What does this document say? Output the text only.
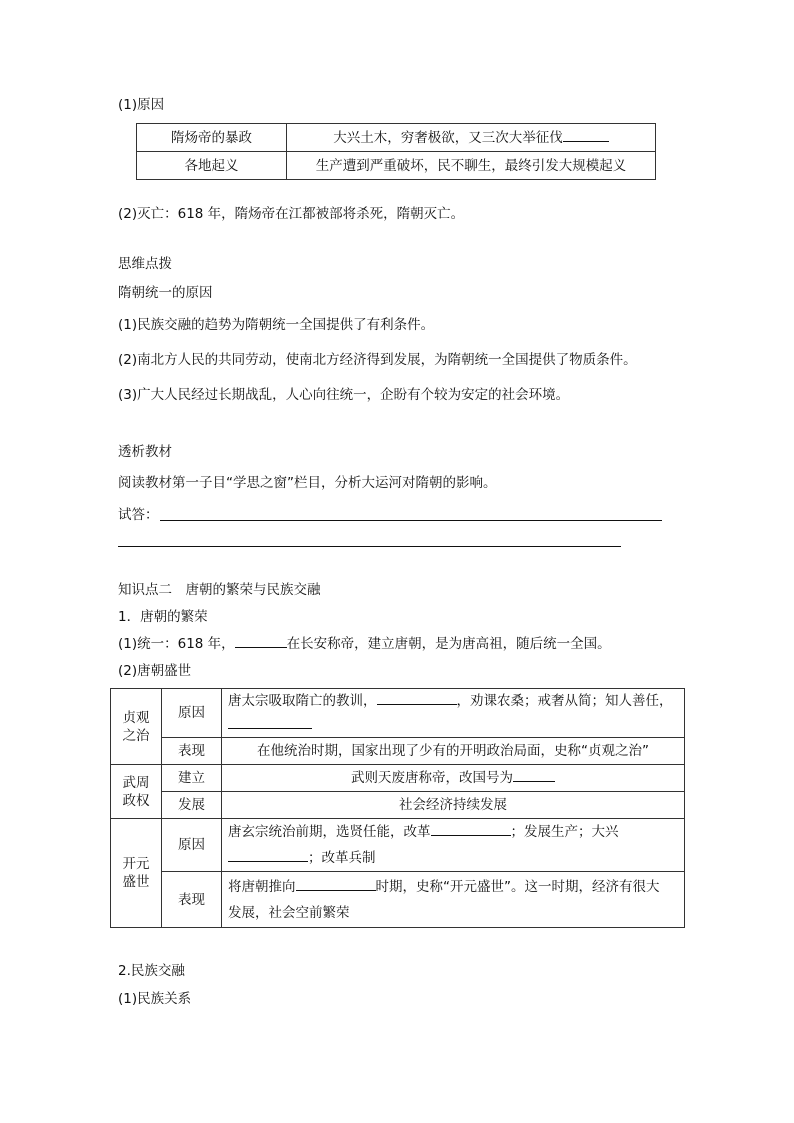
(1)原因
隋炀帝的暴政	大兴土木，穷奢极欲，又三次大举征伐
各地起义	生产遭到严重破坏，民不聊生，最终引发大规模起义
(2)灭亡：618 年，隋炀帝在江都被部将杀死，隋朝灭亡。
思维点拨
隋朝统一的原因
(1)民族交融的趋势为隋朝统一全国提供了有利条件。
(2)南北方人民的共同劳动，使南北方经济得到发展，为隋朝统一全国提供了物质条件。
(3)广大人民经过长期战乱，人心向往统一，企盼有个较为安定的社会环境。
透析教材
阅读教材第一子目“学思之窗”栏目，分析大运河对隋朝的影响。
试答：
知识点二　唐朝的繁荣与民族交融
1．唐朝的繁荣
(1)统一：618 年，	在长安称帝，建立唐朝，是为唐高祖，随后统一全国。
(2)唐朝盛世
贞观
之治	原因	唐太宗吸取隋亡的教训， ，劝课农桑；戒奢从简；知人善任，

	表现	在他统治时期，国家出现了少有的开明政治局面，史称“贞观之治”
武周
政权	建立	武则天废唐称帝，改国号为
	发展	社会经济持续发展
开元
盛世	原因	唐玄宗统治前期，选贤任能，改革 ；发展生产；大兴
；改革兵制
	表现	将唐朝推向 时期，史称“开元盛世”。这一时期，经济有很大
发展，社会空前繁荣
2.民族交融
(1)民族关系
